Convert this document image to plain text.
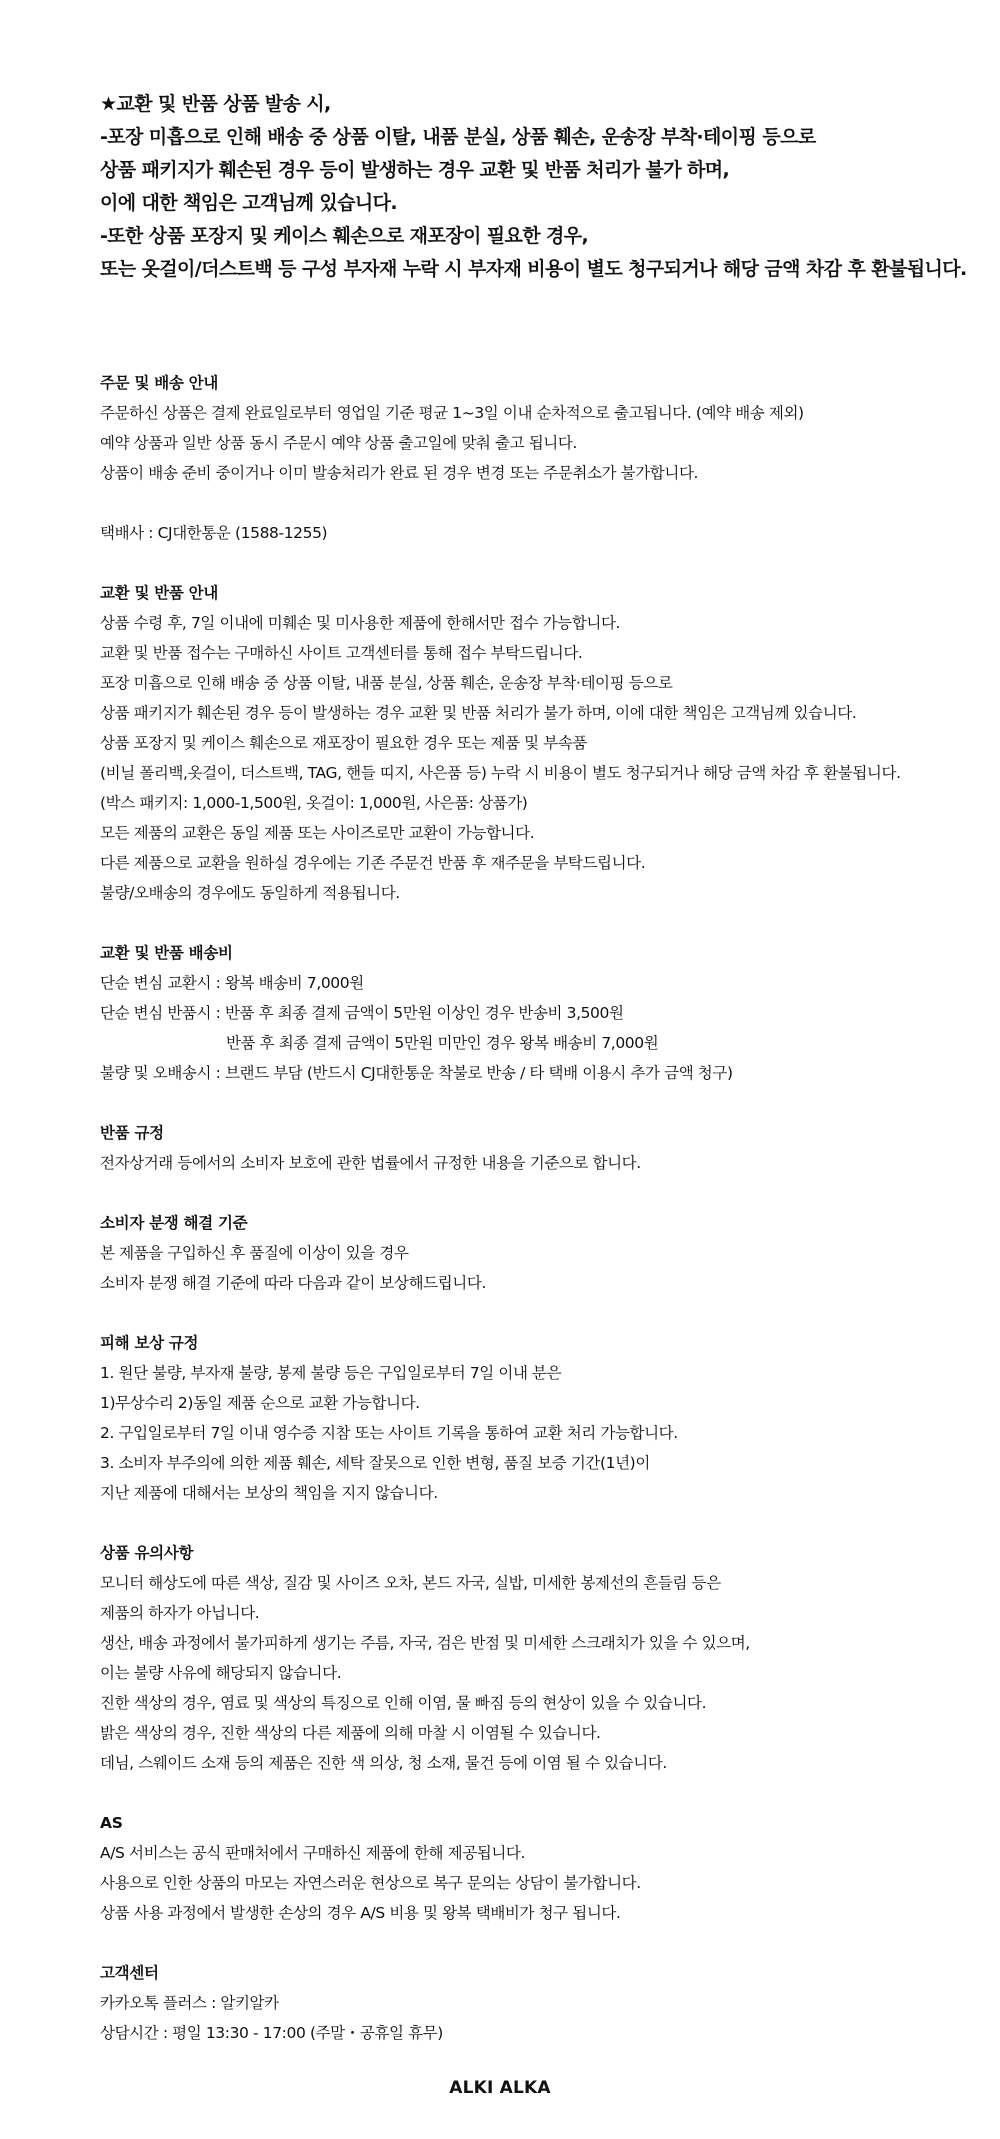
★교환 및 반품 상품 발송 시,
-포장 미흡으로 인해 배송 중 상품 이탈, 내품 분실, 상품 훼손, 운송장 부착·테이핑 등으로
상품 패키지가 훼손된 경우 등이 발생하는 경우 교환 및 반품 처리가 불가 하며,
이에 대한 책임은 고객님께 있습니다.
-또한 상품 포장지 및 케이스 훼손으로 재포장이 필요한 경우,
또는 옷걸이/더스트백 등 구성 부자재 누락 시 부자재 비용이 별도 청구되거나 해당 금액 차감 후 환불됩니다.
주문 및 배송 안내
주문하신 상품은 결제 완료일로부터 영업일 기준 평균 1~3일 이내 순차적으로 출고됩니다. (예약 배송 제외)
예약 상품과 일반 상품 동시 주문시 예약 상품 출고일에 맞춰 출고 됩니다.
상품이 배송 준비 중이거나 이미 발송처리가 완료 된 경우 변경 또는 주문취소가 불가합니다.
택배사 : CJ대한통운 (1588-1255)
교환 및 반품 안내
상품 수령 후, 7일 이내에 미훼손 및 미사용한 제품에 한해서만 접수 가능합니다.
교환 및 반품 접수는 구매하신 사이트 고객센터를 통해 접수 부탁드립니다.
포장 미흡으로 인해 배송 중 상품 이탈, 내품 분실, 상품 훼손, 운송장 부착·테이핑 등으로
상품 패키지가 훼손된 경우 등이 발생하는 경우 교환 및 반품 처리가 불가 하며, 이에 대한 책임은 고객님께 있습니다.
상품 포장지 및 케이스 훼손으로 재포장이 필요한 경우 또는 제품 및 부속품
(비닐 폴리백,옷걸이, 더스트백, TAG, 핸들 띠지, 사은품 등) 누락 시 비용이 별도 청구되거나 해당 금액 차감 후 환불됩니다.
(박스 패키지: 1,000-1,500원, 옷걸이: 1,000원, 사은품: 상품가)
모든 제품의 교환은 동일 제품 또는 사이즈로만 교환이 가능합니다.
다른 제품으로 교환을 원하실 경우에는 기존 주문건 반품 후 재주문을 부탁드립니다.
불량/오배송의 경우에도 동일하게 적용됩니다.
교환 및 반품 배송비
단순 변심 교환시 : 왕복 배송비 7,000원
단순 변심 반품시 : 반품 후 최종 결제 금액이 5만원 이상인 경우 반송비 3,500원
반품 후 최종 결제 금액이 5만원 미만인 경우 왕복 배송비 7,000원
불량 및 오배송시 : 브랜드 부담 (반드시 CJ대한통운 착불로 반송 / 타 택배 이용시 추가 금액 청구)
반품 규정
전자상거래 등에서의 소비자 보호에 관한 법률에서 규정한 내용을 기준으로 합니다.
소비자 분쟁 해결 기준
본 제품을 구입하신 후 품질에 이상이 있을 경우
소비자 분쟁 해결 기준에 따라 다음과 같이 보상해드립니다.
피해 보상 규정
1. 원단 불량, 부자재 불량, 봉제 불량 등은 구입일로부터 7일 이내 분은
1)무상수리 2)동일 제품 순으로 교환 가능합니다.
2. 구입일로부터 7일 이내 영수증 지참 또는 사이트 기록을 통하여 교환 처리 가능합니다.
3. 소비자 부주의에 의한 제품 훼손, 세탁 잘못으로 인한 변형, 품질 보증 기간(1년)이
지난 제품에 대해서는 보상의 책임을 지지 않습니다.
상품 유의사항
모니터 해상도에 따른 색상, 질감 및 사이즈 오차, 본드 자국, 실밥, 미세한 봉제선의 흔들림 등은
제품의 하자가 아닙니다.
생산, 배송 과정에서 불가피하게 생기는 주름, 자국, 검은 반점 및 미세한 스크래치가 있을 수 있으며,
이는 불량 사유에 해당되지 않습니다.
진한 색상의 경우, 염료 및 색상의 특징으로 인해 이염, 물 빠짐 등의 현상이 있을 수 있습니다.
밝은 색상의 경우, 진한 색상의 다른 제품에 의해 마찰 시 이염될 수 있습니다.
데님, 스웨이드 소재 등의 제품은 진한 색 의상, 청 소재, 물건 등에 이염 될 수 있습니다.
AS
A/S 서비스는 공식 판매처에서 구매하신 제품에 한해 제공됩니다.
사용으로 인한 상품의 마모는 자연스러운 현상으로 복구 문의는 상담이 불가합니다.
상품 사용 과정에서 발생한 손상의 경우 A/S 비용 및 왕복 택배비가 청구 됩니다.
고객센터
카카오톡 플러스 : 알키알카
상담시간 : 평일 13:30 - 17:00 (주말・공휴일 휴무)
ALKI ALKA
